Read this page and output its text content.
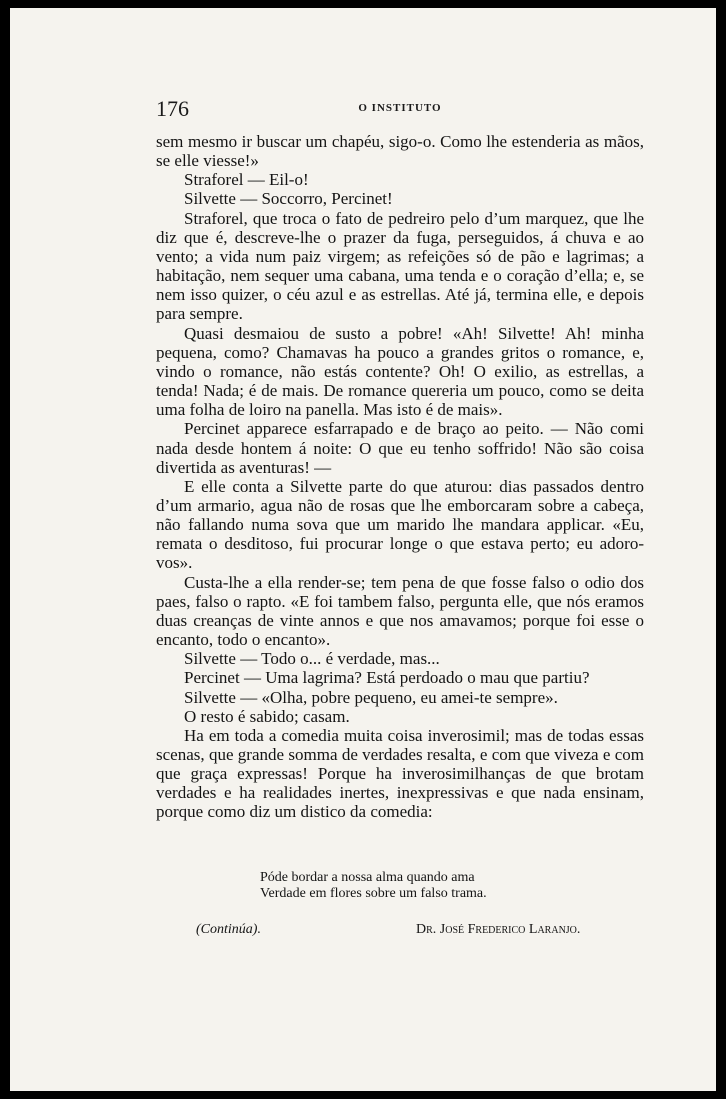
176	O INSTITUTO

sem mesmo ir buscar um chapéu, sigo-o. Como lhe estenderia as mãos, se elle viesse!»

Straforel — Eil-o!

Silvette — Soccorro, Percinet!

Straforel, que troca o fato de pedreiro pelo d’um marquez, que lhe diz que é, descreve-lhe o prazer da fuga, perseguidos, á chuva e ao vento; a vida num paiz virgem; as refeições só de pão e lagrimas; a habitação, nem sequer uma cabana, uma tenda e o coração d’ella; e, se nem isso quizer, o céu azul e as estrellas. Até já, termina elle, e depois para sempre.

Quasi desmaiou de susto a pobre! «Ah! Silvette! Ah! minha pequena, como? Chamavas ha pouco a grandes gritos o romance, e, vindo o romance, não estás contente? Oh! O exilio, as estrellas, a tenda! Nada; é de mais. De romance quereria um pouco, como se deita uma folha de loiro na panella. Mas isto é de mais».

Percinet apparece esfarrapado e de braço ao peito. — Não comi nada desde hontem á noite: O que eu tenho soffrido! Não são coisa divertida as aventuras! —

E elle conta a Silvette parte do que aturou: dias passados dentro d’um armario, agua não de rosas que lhe emborcaram sobre a cabeça, não fallando numa sova que um marido lhe mandara applicar. «Eu, remata o desditoso, fui procurar longe o que estava perto; eu adoro-vos».

Custa-lhe a ella render-se; tem pena de que fosse falso o odio dos paes, falso o rapto. «E foi tambem falso, pergunta elle, que nós eramos duas creanças de vinte annos e que nos amavamos; porque foi esse o encanto, todo o encanto».

Silvette — Todo o... é verdade, mas...

Percinet — Uma lagrima? Está perdoado o mau que partiu?

Silvette — «Olha, pobre pequeno, eu amei-te sempre».

O resto é sabido; casam.

Ha em toda a comedia muita coisa inverosimil; mas de todas essas scenas, que grande somma de verdades resalta, e com que viveza e com que graça expressas! Porque ha inverosimilhanças de que brotam verdades e ha realidades inertes, inexpressivas e que nada ensinam, porque como diz um distico da comedia:

Póde bordar a nossa alma quando ama
Verdade em flores sobre um falso trama.
(Continúa).	Dr. José Frederico Laranjo.
